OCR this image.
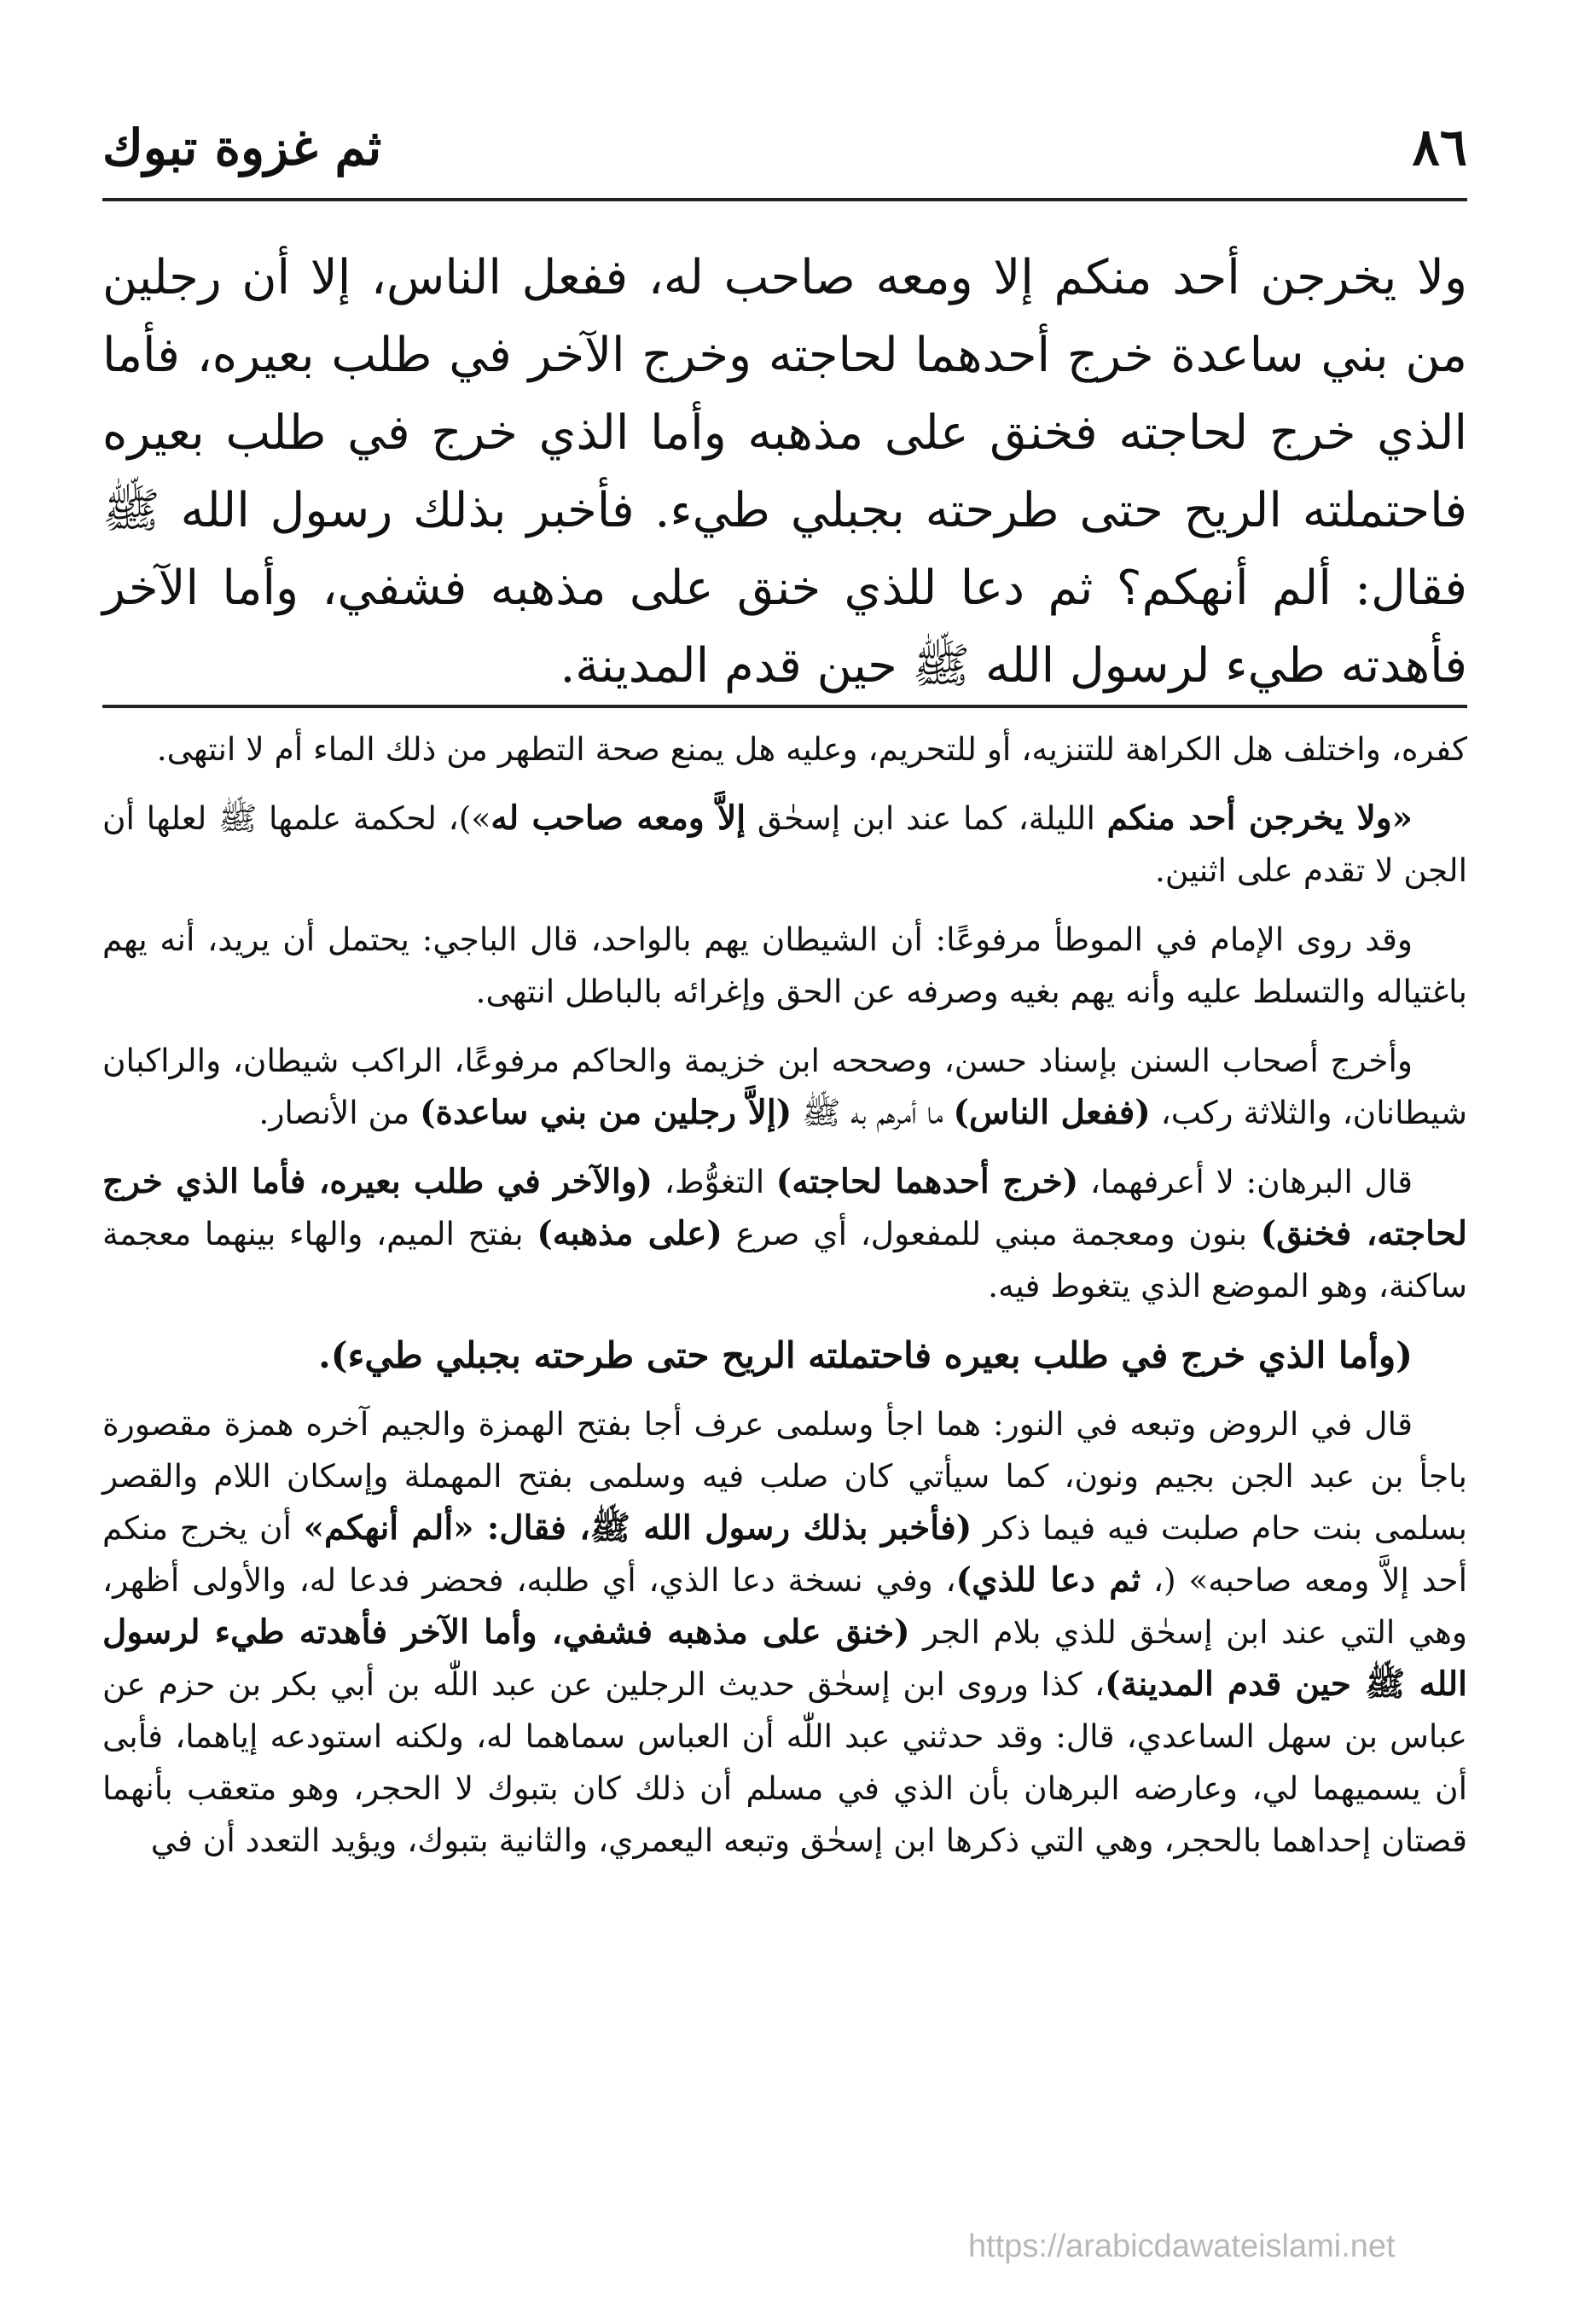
٨٦
ثم غزوة تبوك

ولا يخرجن أحد منكم إلا ومعه صاحب له، ففعل الناس، إلا أن رجلين من بني ساعدة خرج أحدهما لحاجته وخرج الآخر في طلب بعيره، فأما الذي خرج لحاجته فخنق على مذهبه وأما الذي خرج في طلب بعيره فاحتملته الريح حتى طرحته بجبلي طيء. فأخبر بذلك رسول الله ﷺ فقال: ألم أنهكم؟ ثم دعا للذي خنق على مذهبه فشفي، وأما الآخر فأهدته طيء لرسول الله ﷺ حين قدم المدينة.

كفره، واختلف هل الكراهة للتنزيه، أو للتحريم، وعليه هل يمنع صحة التطهر من ذلك الماء أم لا انتهى.

«ولا يخرجن أحد منكم الليلة، كما عند ابن إسحٰق إلاَّ ومعه صاحب له»)، لحكمة علمها ﷺ لعلها أن الجن لا تقدم على اثنين.

وقد روى الإمام في الموطأ مرفوعًا: أن الشيطان يهم بالواحد، قال الباجي: يحتمل أن يريد، أنه يهم باغتياله والتسلط عليه وأنه يهم بغيه وصرفه عن الحق وإغرائه بالباطل انتهى.

وأخرج أصحاب السنن بإسناد حسن، وصححه ابن خزيمة والحاكم مرفوعًا، الراكب شيطان، والراكبان شيطانان، والثلاثة ركب، (ففعل الناس) ما أمرهم به ﷺ (إلاَّ رجلين من بني ساعدة) من الأنصار.

قال البرهان: لا أعرفهما، (خرج أحدهما لحاجته) التغوُّط، (والآخر في طلب بعيره، فأما الذي خرج لحاجته، فخنق) بنون ومعجمة مبني للمفعول، أي صرع (على مذهبه) بفتح الميم، والهاء بينهما معجمة ساكنة، وهو الموضع الذي يتغوط فيه.

(وأما الذي خرج في طلب بعيره فاحتملته الريح حتى طرحته بجبلي طيء).

قال في الروض وتبعه في النور: هما اجأ وسلمى عرف أجا بفتح الهمزة والجيم آخره همزة مقصورة باجأ بن عبد الجن بجيم ونون، كما سيأتي كان صلب فيه وسلمى بفتح المهملة وإسكان اللام والقصر بسلمى بنت حام صلبت فيه فيما ذكر (فأخبر بذلك رسول الله ﷺ، فقال: «ألم أنهكم» أن يخرج منكم أحد إلاَّ ومعه صاحبه» (، ثم دعا للذي)، وفي نسخة دعا الذي، أي طلبه، فحضر فدعا له، والأولى أظهر، وهي التي عند ابن إسحٰق للذي بلام الجر (خنق على مذهبه فشفي، وأما الآخر فأهدته طيء لرسول الله ﷺ حين قدم المدينة)، كذا وروى ابن إسحٰق حديث الرجلين عن عبد اللّٰه بن أبي بكر بن حزم عن عباس بن سهل الساعدي، قال: وقد حدثني عبد اللّٰه أن العباس سماهما له، ولكنه استودعه إياهما، فأبى أن يسميهما لي، وعارضه البرهان بأن الذي في مسلم أن ذلك كان بتبوك لا الحجر، وهو متعقب بأنهما قصتان إحداهما بالحجر، وهي التي ذكرها ابن إسحٰق وتبعه اليعمري، والثانية بتبوك، ويؤيد التعدد أن في

https://arabicdawateislami.net
